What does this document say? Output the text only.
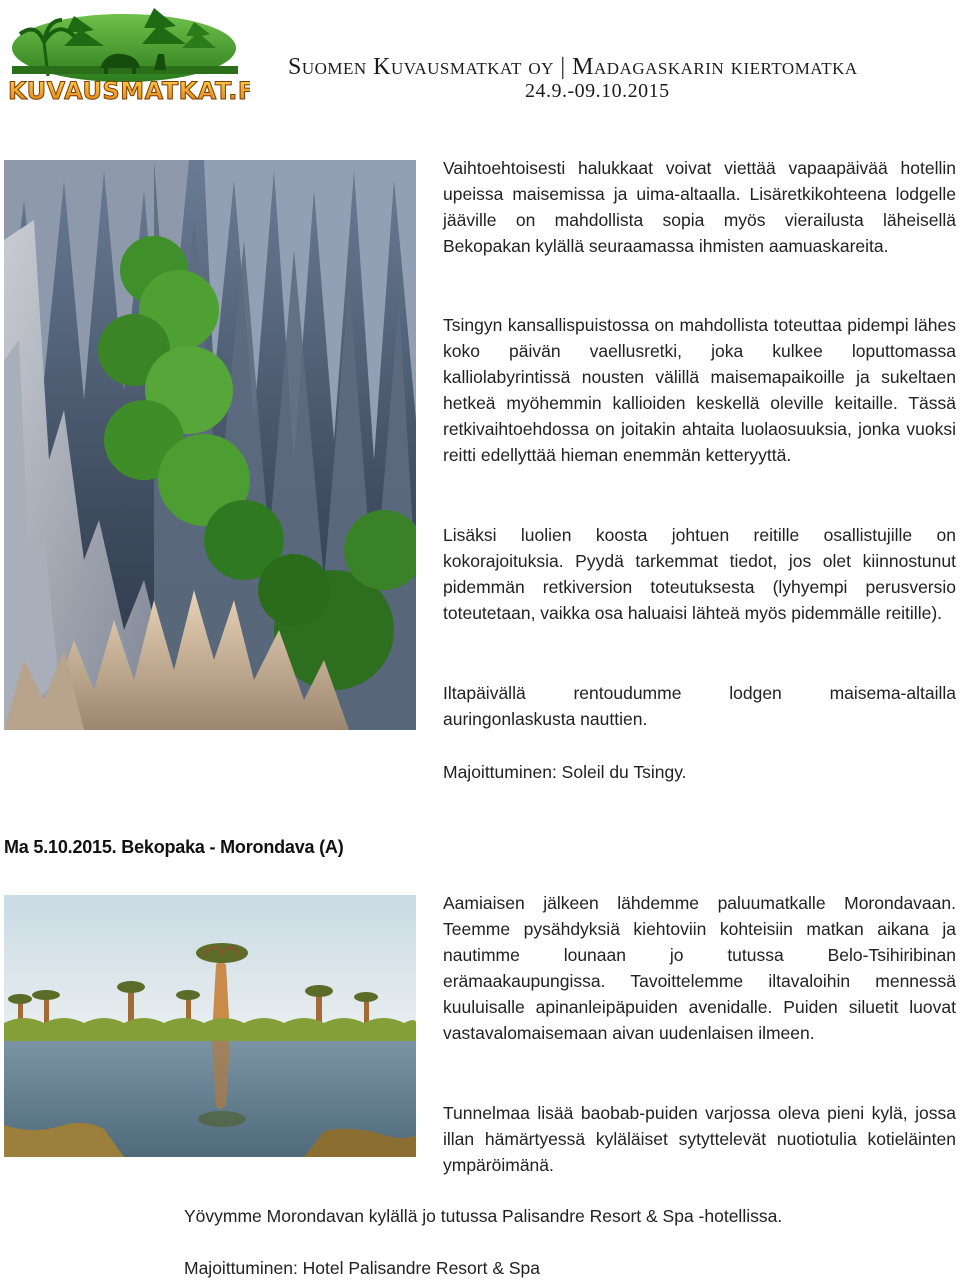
KUVAUSMATKAT.FI
Suomen Kuvausmatkat oy | Madagaskarin kiertomatka
24.9.-09.10.2015

Vaihtoehtoisesti halukkaat voivat viettää vapaapäivää hotellin upeissa maisemissa ja uima-altaalla. Lisäretkikohteena lodgelle jääville on mahdollista sopia myös vierailusta läheisellä Bekopakan kylällä seuraamassa ihmisten aamuaskareita.

Tsingyn kansallispuistossa on mahdollista toteuttaa pidempi lähes koko päivän vaellusretki, joka kulkee loputtomassa kalliolabyrintissä nousten välillä maisemapaikoille ja sukeltaen hetkeä myöhemmin kallioiden keskellä oleville keitaille. Tässä retkivaihtoehdossa on joitakin ahtaita luolaosuuksia, jonka vuoksi reitti edellyttää hieman enemmän ketteryyttä.

Lisäksi luolien koosta johtuen reitille osallistujille on kokorajoituksia. Pyydä tarkemmat tiedot, jos olet kiinnostunut pidemmän retkiversion toteutuksesta (lyhyempi perusversio toteutetaan, vaikka osa haluaisi lähteä myös pidemmälle reitille).

Iltapäivällä rentoudumme lodgen maisema-altailla auringonlaskusta nauttien.

Majoittuminen: Soleil du Tsingy.

Ma 5.10.2015. Bekopaka - Morondava (A)

Aamiaisen jälkeen lähdemme paluumatkalle Morondavaan. Teemme pysähdyksiä kiehtoviin kohteisiin matkan aikana ja nautimme lounaan jo tutussa Belo-Tsihiribinan erämaakaupungissa. Tavoittelemme iltavaloihin mennessä kuuluisalle apinanleipäpuiden avenidalle. Puiden siluetit luovat vastavalomaisemaan aivan uudenlaisen ilmeen.

Tunnelmaa lisää baobab-puiden varjossa oleva pieni kylä, jossa illan hämärtyessä kyläläiset sytyttelevät nuotiotulia kotieläinten ympäröimänä.

Yövymme Morondavan kylällä jo tutussa Palisandre Resort & Spa -hotellissa.
Majoittuminen: Hotel Palisandre Resort & Spa
